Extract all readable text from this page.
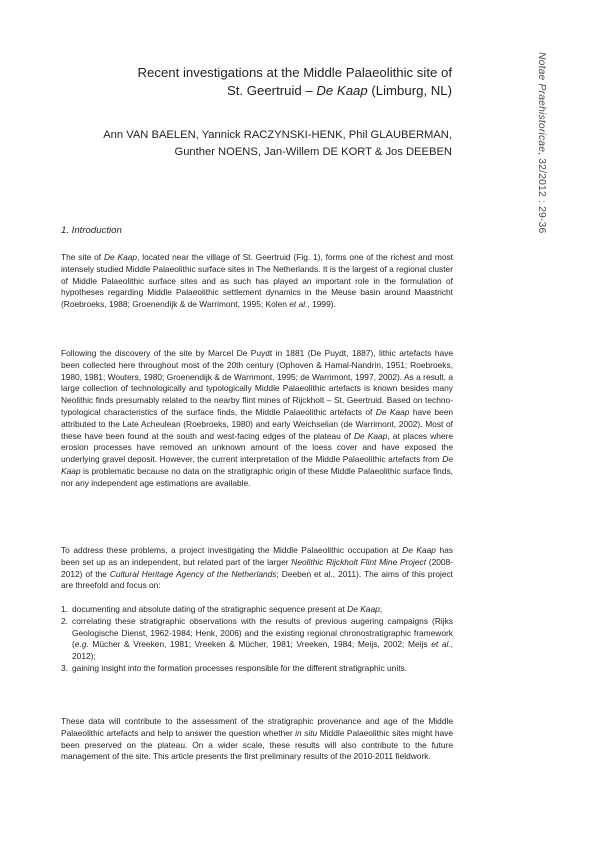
Recent investigations at the Middle Palaeolithic site of
St. Geertruid – De Kaap (Limburg, NL)
Ann VAN BAELEN, Yannick RACZYNSKI-HENK, Phil GLAUBERMAN,
Gunther NOENS, Jan-Willem DE KORT & Jos DEEBEN	Notae Praehistoricae, 32/2012 : 29-36
1. Introduction

The site of De Kaap, located near the village of St. Geertruid (Fig. 1), forms one of the richest and most intensely studied Middle Palaeolithic surface sites in The Netherlands. It is the largest of a regional cluster of Middle Palaeolithic surface sites and as such has played an important role in the formulation of hypotheses regarding Middle Palaeolithic settlement dynamics in the Meuse basin around Maastricht (Roebroeks, 1988; Groenendijk & de Warrimont, 1995; Kolen et al., 1999).

Following the discovery of the site by Marcel De Puydt in 1881 (De Puydt, 1887), lithic artefacts have been collected here throughout most of the 20th century (Ophoven & Hamal-Nandrin, 1951; Roebroeks, 1980, 1981; Wouters, 1980; Groenendijk & de Warrimont, 1995; de Warrimont, 1997, 2002). As a result, a large collection of technologically and typologically Middle Palaeolithic artefacts is known besides many Neolithic finds presumably related to the nearby flint mines of Rijckholt – St. Geertruid. Based on techno-typological characteristics of the surface finds, the Middle Palaeolithic artefacts of De Kaap have been attributed to the Late Acheulean (Roebroeks, 1980) and early Weichselian (de Warrimont, 2002). Most of these have been found at the south and west-facing edges of the plateau of De Kaap, at places where erosion processes have removed an unknown amount of the loess cover and have exposed the underlying gravel deposit. However, the current interpretation of the Middle Palaeolithic artefacts from De Kaap is problematic because no data on the stratigraphic origin of these Middle Palaeolithic surface finds, nor any independent age estimations are available.

To address these problems, a project investigating the Middle Palaeolithic occupation at De Kaap has been set up as an independent, but related part of the larger Neolithic Rijckholt Flint Mine Project (2008-2012) of the Cultural Heritage Agency of the Netherlands; Deeben et al., 2011). The aims of this project are threefold and focus on:

1. documenting and absolute dating of the stratigraphic sequence present at De Kaap;
2. correlating these stratigraphic observations with the results of previous augering campaigns (Rijks Geologische Dienst, 1962-1984; Henk, 2006) and the existing regional chronostratigraphic framework (e.g. Mücher & Vreeken, 1981; Vreeken & Mücher, 1981; Vreeken, 1984; Meijs, 2002; Meijs et al., 2012);
3. gaining insight into the formation processes responsible for the different stratigraphic units.

These data will contribute to the assessment of the stratigraphic provenance and age of the Middle Palaeolithic artefacts and help to answer the question whether in situ Middle Palaeolithic sites might have been preserved on the plateau. On a wider scale, these results will also contribute to the future management of the site. This article presents the first preliminary results of the 2010-2011 fieldwork.
